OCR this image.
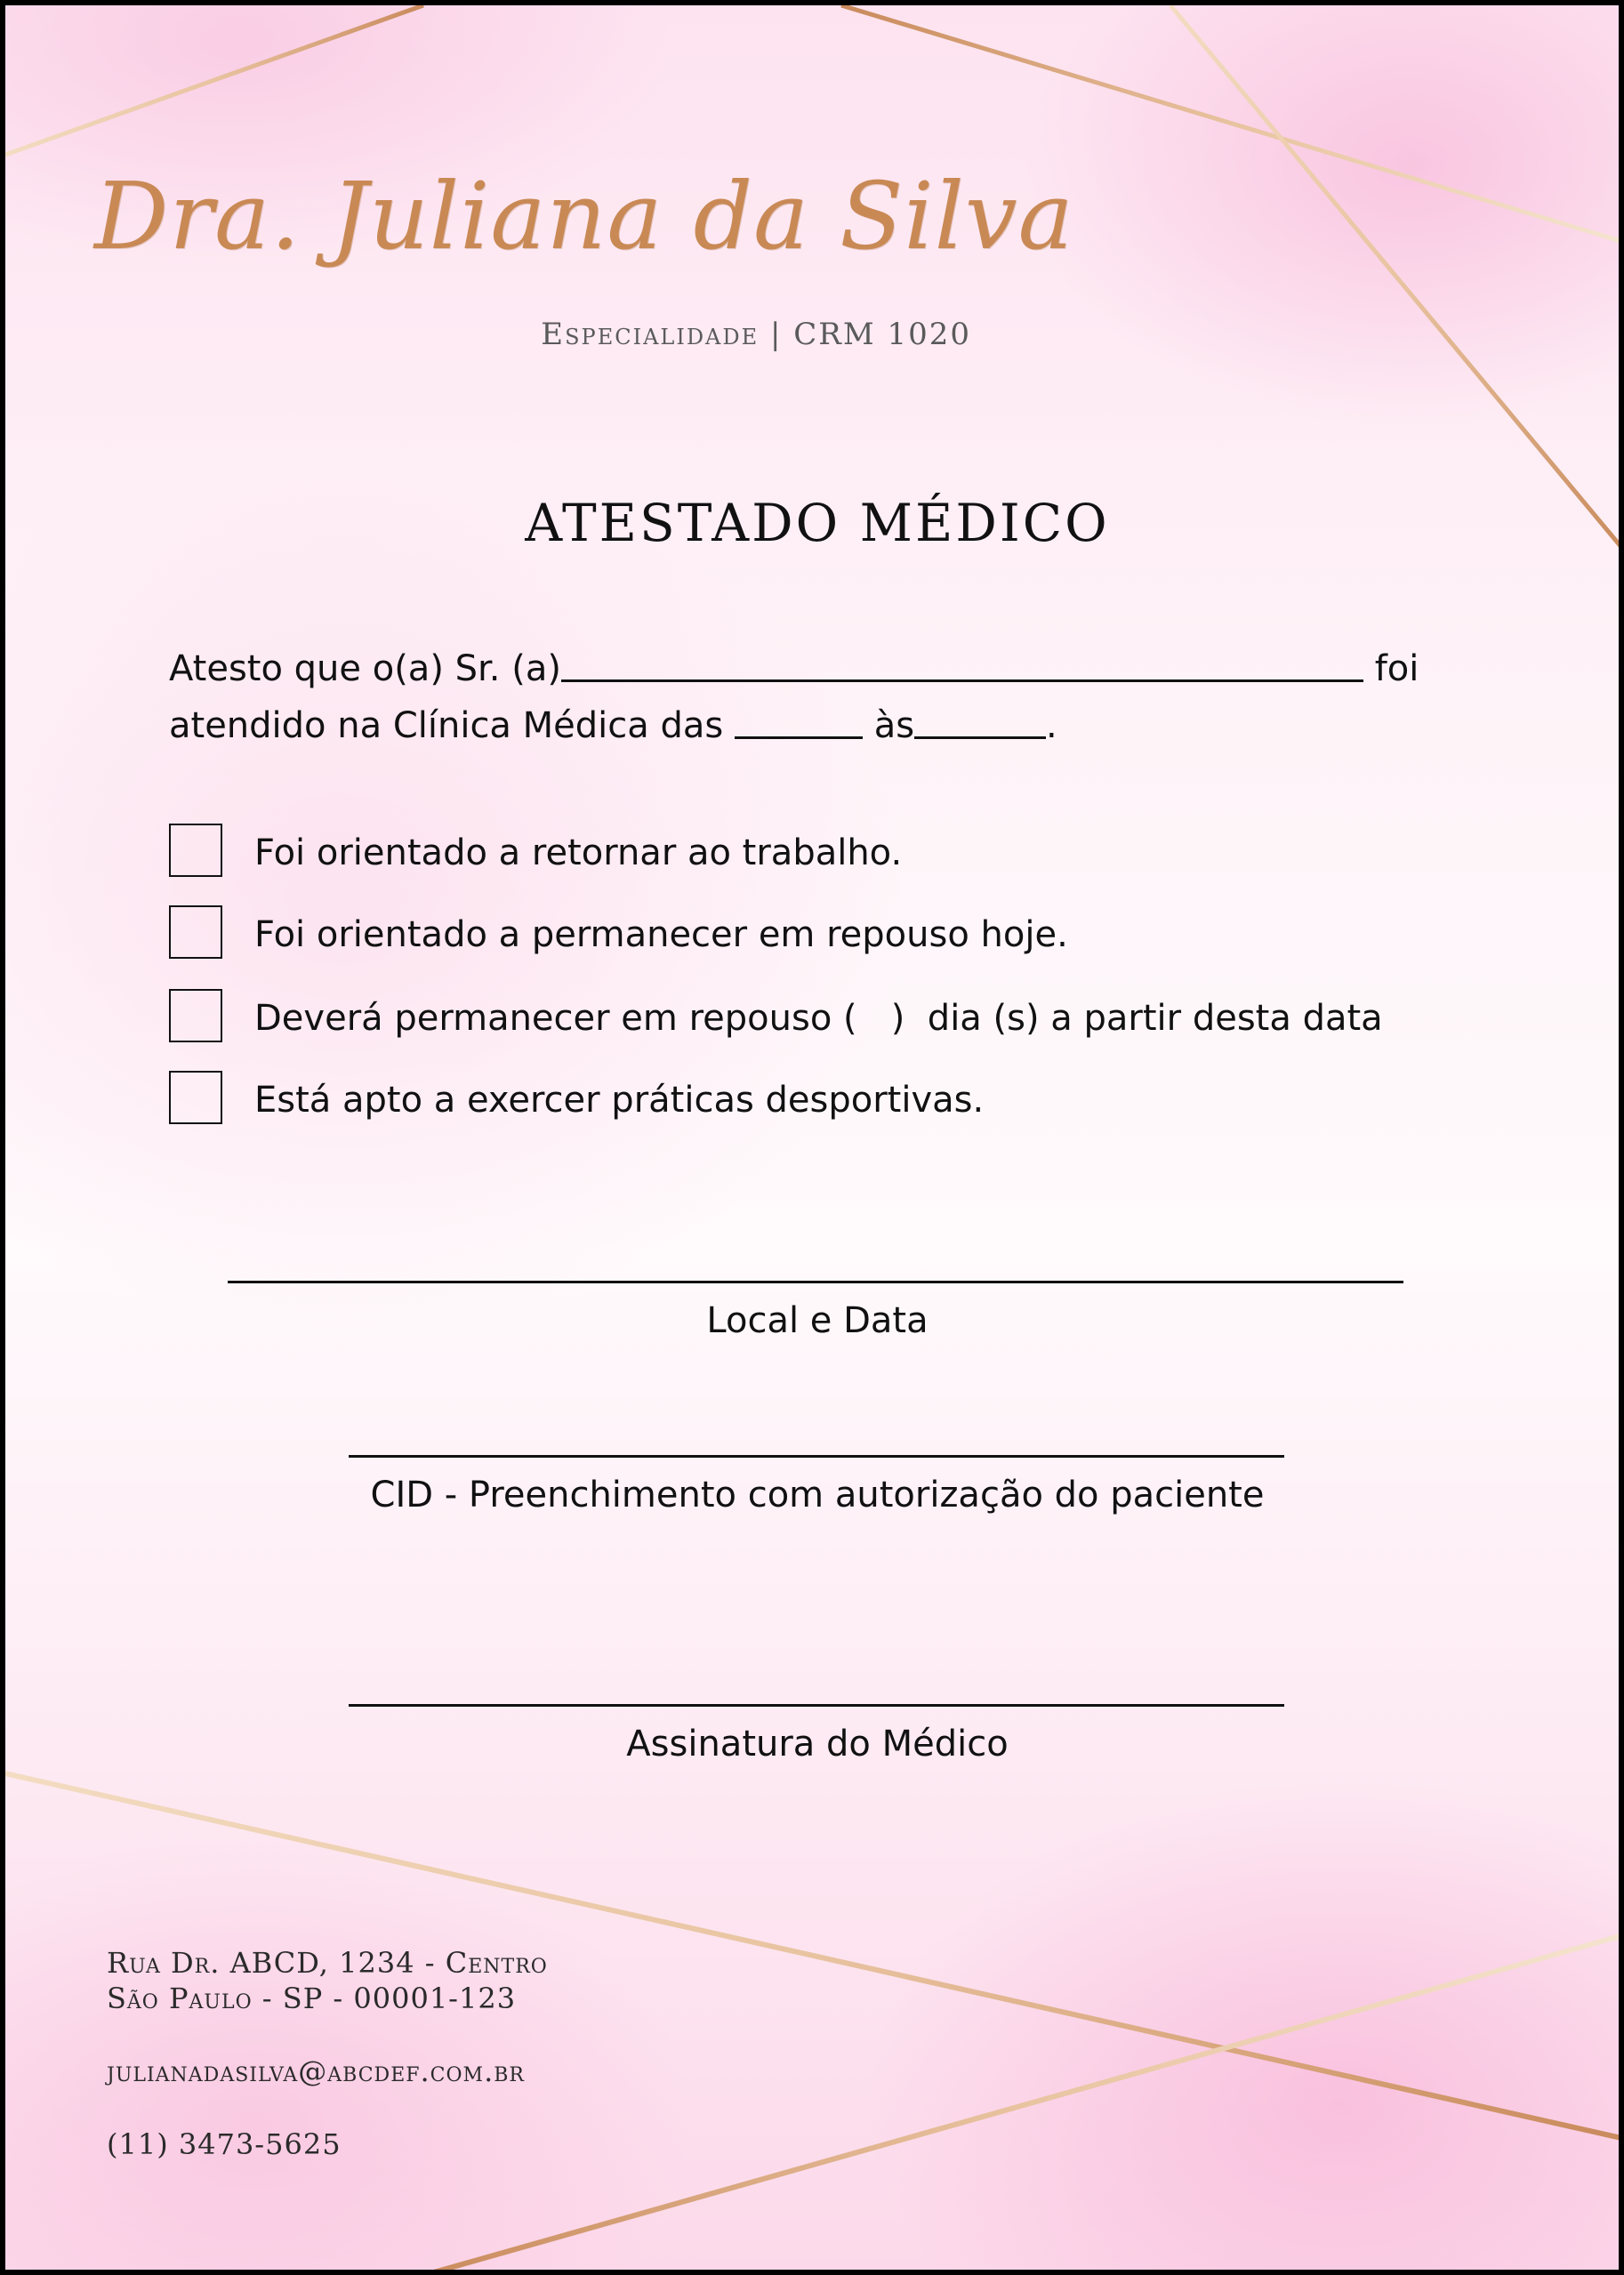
Dra. Juliana da Silva
Especialidade | CRM 1020
ATESTADO MÉDICO
Atesto que o(a) Sr. (a)	foi
atendido na Clínica Médica das	às	.
Foi orientado a retornar ao trabalho.
Foi orientado a permanecer em repouso hoje.
Deverá permanecer em repouso (   )  dia (s) a partir desta data
Está apto a exercer práticas desportivas.
Local e Data
CID - Preenchimento com autorização do paciente
Assinatura do Médico
Rua Dr. ABCD, 1234 - Centro
São Paulo - SP - 00001-123
julianadasilva@abcdef.com.br
(11) 3473-5625
